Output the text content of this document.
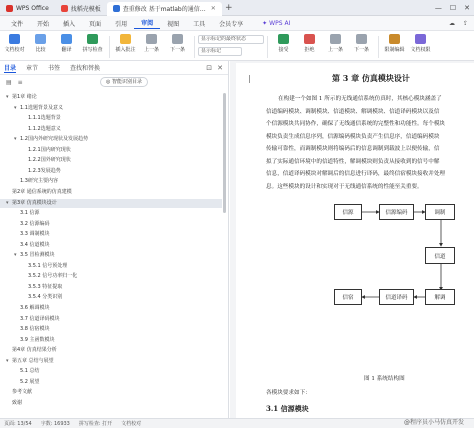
WPS Office	找稻壳模板	查重修改 基于matlab的通信… ✕	+	— ☐ ✕
文件	开始	插入	页面	引用	审阅	视图	工具	会员专享	✦ WPS AI	☁ ⇪
文档校对 比较	翻译 拼写检查	插入批注 上一条 下一条
显示标记的最终状态
显示标记	接受	拒绝	上一条 下一条	限制编辑 文档权限
目录 章节 书签 查找和替换	⊡ ✕
▤ ≡	◎ 智能识别目录
▾ 第1章 绪论
▾ 1.1选题背景及意义
1.1.1选题背景
1.1.2选题意义
▾ 1.2国内外研究现状及发展趋势
1.2.1国内研究现状
1.2.2国外研究现状
1.2.3发展趋势
1.3研究主要内容
第2章 通信系统的仿真建模
▾ 第3章 仿真模块设计
3.1 信源
3.2 信源编码
3.3 调制模块
3.4 信道模块
▾ 3.5 冒检测模块
3.5.1 信号预处理
3.5.2 信号功率归一化
3.5.3 特征提取
3.5.4 分类识别
3.6 解调模块
3.7 信道译码模块
3.8 信宿模块
3.9 主函数模块
第4章 仿真结果分析
▾ 第五章 总结与展望
5.1 总结
5.2 展望
参考文献
致谢
第 3 章 仿真模块设计

在构建一个如图 1 所示的无线通信系统仿真时，其核心模块涵盖了

信道编码模块、调制模块、信道模块、解调模块、信道译码模块以及信

个信源模块共同协作，确保了无线通信系统的完整性和功能性。每个模块

模块负责生成信息序列，信源编码模块负责产生信息序，信道编码模块

传输可靠性，而调制模块则将编码后的信息调制到载波上以便传输，信

拟了实际通信环境中的信道特性，解调模块则负责从接收到的信号中解

信息，信道译码模块对解调后的信息进行译码，最终信宿模块接收并处理

息。这些模块的设计和实现对于无线通信系统的性能至关重要。

信源	信源编码	调制
信道
信宿	信道译码	解调
图 1 系统结构图
各模块要求如下：
3.1 信源模块
页面: 13/54 字数: 16933 拼写检查: 打开 文档校对	@程序员小马仿真开发
